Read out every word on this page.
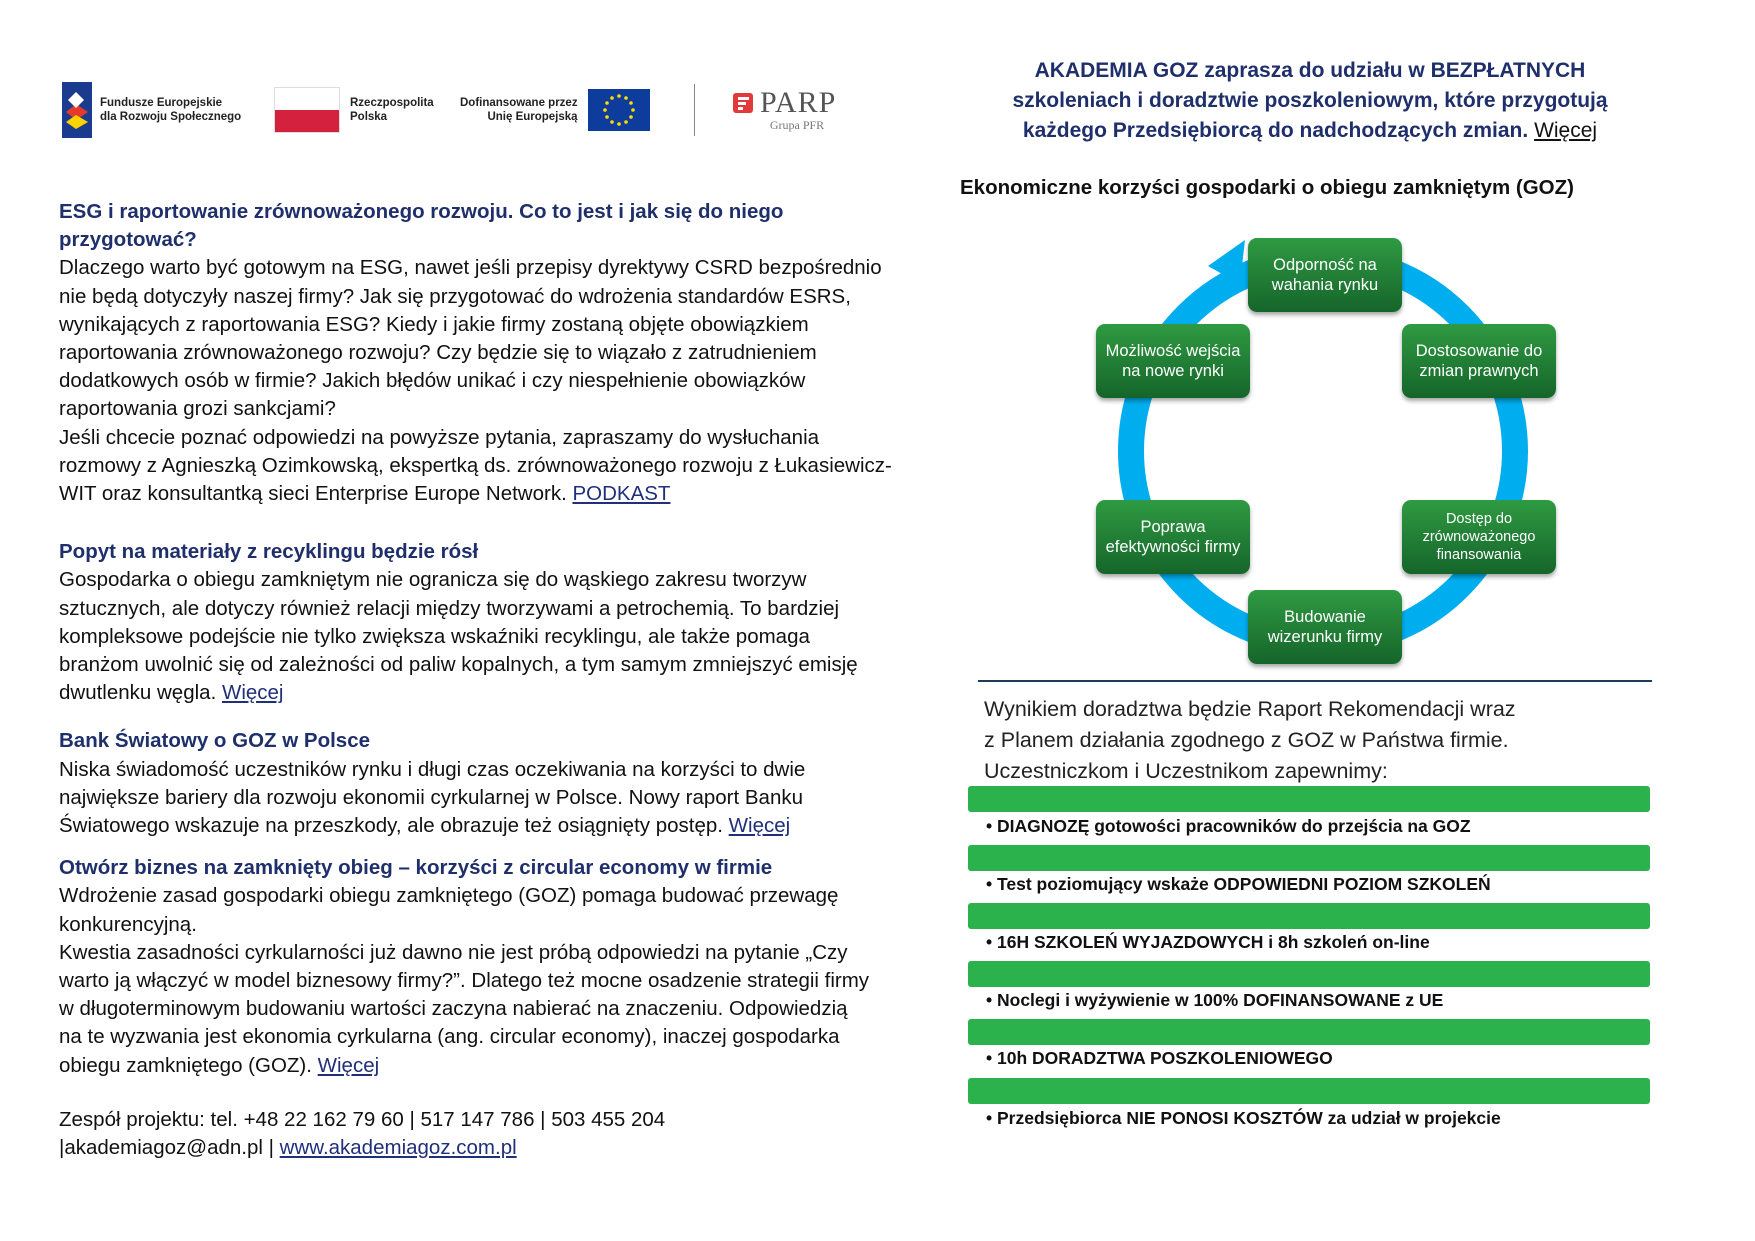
Fundusze Europejskie
dla Rozwoju Społecznego
Rzeczpospolita
Polska
Dofinansowane przez
Unię Europejską	PARP
Grupa PFR
ESG i raportowanie zrównoważonego rozwoju. Co to jest i jak się do niego przygotować?

Dlaczego warto być gotowym na ESG, nawet jeśli przepisy dyrektywy CSRD bezpośrednio

nie będą dotyczyły naszej firmy? Jak się przygotować do wdrożenia standardów ESRS,

wynikających z raportowania ESG? Kiedy i jakie firmy zostaną objęte obowiązkiem

raportowania zrównoważonego rozwoju? Czy będzie się to wiązało z zatrudnieniem

dodatkowych osób w firmie? Jakich błędów unikać i czy niespełnienie obowiązków

raportowania grozi sankcjami?

Jeśli chcecie poznać odpowiedzi na powyższe pytania, zapraszamy do wysłuchania

rozmowy z Agnieszką Ozimkowską, ekspertką ds. zrównoważonego rozwoju z Łukasiewicz-

WIT oraz konsultantką sieci Enterprise Europe Network. PODKAST

Popyt na materiały z recyklingu będzie rósł

Gospodarka o obiegu zamkniętym nie ogranicza się do wąskiego zakresu tworzyw

sztucznych, ale dotyczy również relacji między tworzywami a petrochemią. To bardziej

kompleksowe podejście nie tylko zwiększa wskaźniki recyklingu, ale także pomaga

branżom uwolnić się od zależności od paliw kopalnych, a tym samym zmniejszyć emisję

dwutlenku węgla. Więcej

Bank Światowy o GOZ w Polsce

Niska świadomość uczestników rynku i długi czas oczekiwania na korzyści to dwie

największe bariery dla rozwoju ekonomii cyrkularnej w Polsce. Nowy raport Banku

Światowego wskazuje na przeszkody, ale obrazuje też osiągnięty postęp. Więcej

Otwórz biznes na zamknięty obieg – korzyści z circular economy w firmie

Wdrożenie zasad gospodarki obiegu zamkniętego (GOZ) pomaga budować przewagę

konkurencyjną.

Kwestia zasadności cyrkularności już dawno nie jest próbą odpowiedzi na pytanie „Czy

warto ją włączyć w model biznesowy firmy?”. Dlatego też mocne osadzenie strategii firmy

w długoterminowym budowaniu wartości zaczyna nabierać na znaczeniu. Odpowiedzią

na te wyzwania jest ekonomia cyrkularna (ang. circular economy), inaczej gospodarka

obiegu zamkniętego (GOZ). Więcej

Zespół projektu: tel. +48 22 162 79 60 | 517 147 786 | 503 455 204

|akademiagoz@adn.pl | www.akademiagoz.com.pl

AKADEMIA GOZ zaprasza do udziału w BEZPŁATNYCH
szkoleniach i doradztwie poszkoleniowym, które przygotują
każdego Przedsiębiorcą do nadchodzących zmian. Więcej
Ekonomiczne korzyści gospodarki o obiegu zamkniętym (GOZ)
Odporność na wahania rynku
Dostosowanie do zmian prawnych
Dostęp do zrównoważonego finansowania
Budowanie wizerunku firmy
Poprawa efektywności firmy
Możliwość wejścia na nowe rynki
Wynikiem doradztwa będzie Raport Rekomendacji wraz
z Planem działania zgodnego z GOZ w Państwa firmie.
Uczestniczkom i Uczestnikom zapewnimy:
• DIAGNOZĘ gotowości pracowników do przejścia na GOZ
• Test poziomujący wskaże ODPOWIEDNI POZIOM SZKOLEŃ
• 16H SZKOLEŃ WYJAZDOWYCH i 8h szkoleń on-line
• Noclegi i wyżywienie w 100% DOFINANSOWANE z UE
• 10h DORADZTWA POSZKOLENIOWEGO
• Przedsiębiorca NIE PONOSI KOSZTÓW za udział w projekcie
